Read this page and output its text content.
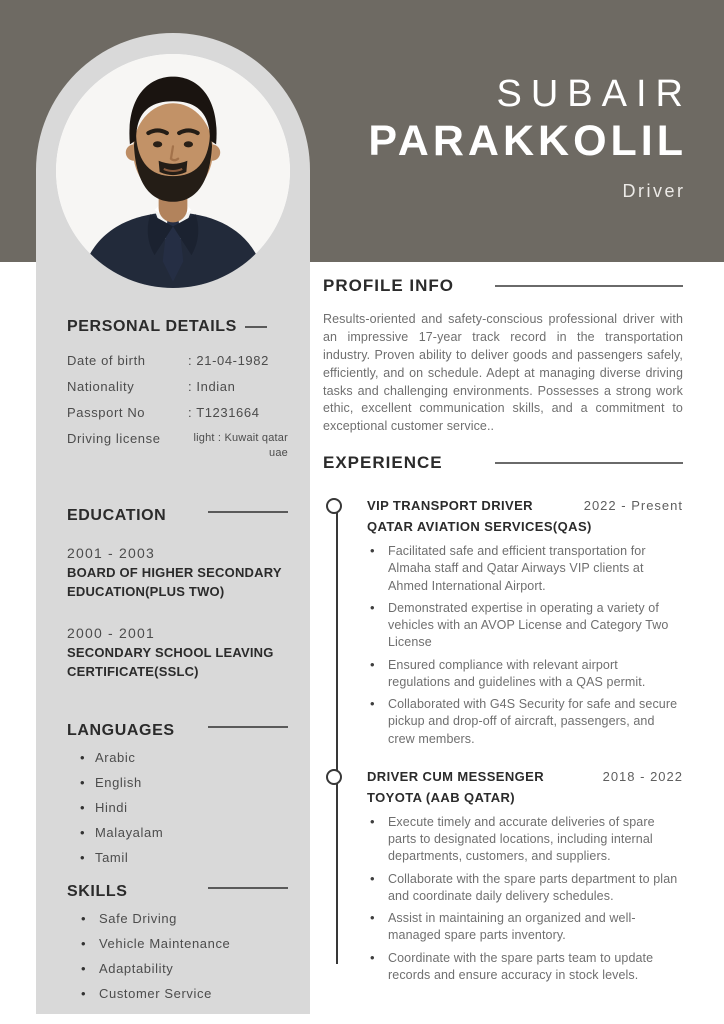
SUBAIR
PARAKKOLIL
Driver
PERSONAL DETAILS
Date of birth	: 21-04-1982
Nationality	: Indian
Passport No	: T1231664
Driving license	light : Kuwait qatar
uae
EDUCATION
2001 - 2003
BOARD OF HIGHER SECONDARY EDUCATION(PLUS TWO)
2000 - 2001
SECONDARY SCHOOL LEAVING CERTIFICATE(SSLC)
LANGUAGES
• Arabic
• English
• Hindi
• Malayalam
• Tamil
SKILLS
• Safe Driving
• Vehicle Maintenance
• Adaptability
• Customer Service
PROFILE INFO

Results-oriented and safety-conscious professional driver with an impressive 17-year track record in the transportation industry. Proven ability to deliver goods and passengers safely, efficiently, and on schedule. Adept at managing diverse driving tasks and challenging environments. Possesses a strong work ethic, excellent communication skills, and a commitment to exceptional customer service..

EXPERIENCE
VIP TRANSPORT DRIVER	2022 - Present
QATAR AVIATION SERVICES(QAS)
• Facilitated safe and efficient transportation for Almaha staff and Qatar Airways VIP clients at Ahmed International Airport.
• Demonstrated expertise in operating a variety of vehicles with an AVOP License and Category Two License
• Ensured compliance with relevant airport regulations and guidelines with a QAS permit.
• Collaborated with G4S Security for safe and secure pickup and drop-off of aircraft, passengers, and crew members.
DRIVER CUM MESSENGER	2018 - 2022
TOYOTA (AAB QATAR)
• Execute timely and accurate deliveries of spare parts to designated locations, including internal departments, customers, and suppliers.
• Collaborate with the spare parts department to plan and coordinate daily delivery schedules.
• Assist in maintaining an organized and well-managed spare parts inventory.
• Coordinate with the spare parts team to update records and ensure accuracy in stock levels.
